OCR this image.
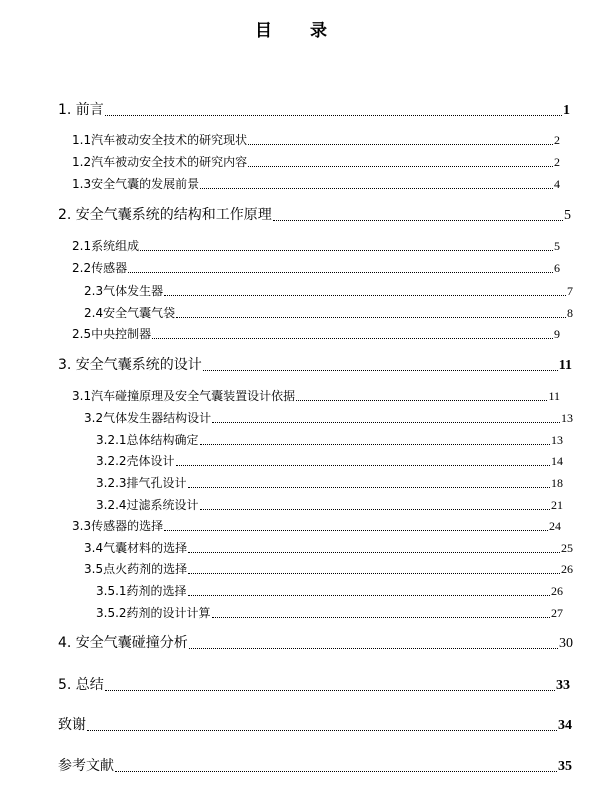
目 录
1. 前言	1
1.1汽车被动安全技术的研究现状	2
1.2汽车被动安全技术的研究内容	2
1.3安全气囊的发展前景	4
2. 安全气囊系统的结构和工作原理	5
2.1系统组成	5
2.2传感器	6
2.3气体发生器	7
2.4安全气囊气袋	8
2.5中央控制器	9
3. 安全气囊系统的设计	11
3.1汽车碰撞原理及安全气囊装置设计依据	11
3.2气体发生器结构设计	13
3.2.1总体结构确定	13
3.2.2壳体设计	14
3.2.3排气孔设计	18
3.2.4过滤系统设计	21
3.3传感器的选择	24
3.4气囊材料的选择	25
3.5点火药剂的选择	26
3.5.1药剂的选择	26
3.5.2药剂的设计计算	27
4. 安全气囊碰撞分析	30
5. 总结	33
致谢	34
参考文献	35
